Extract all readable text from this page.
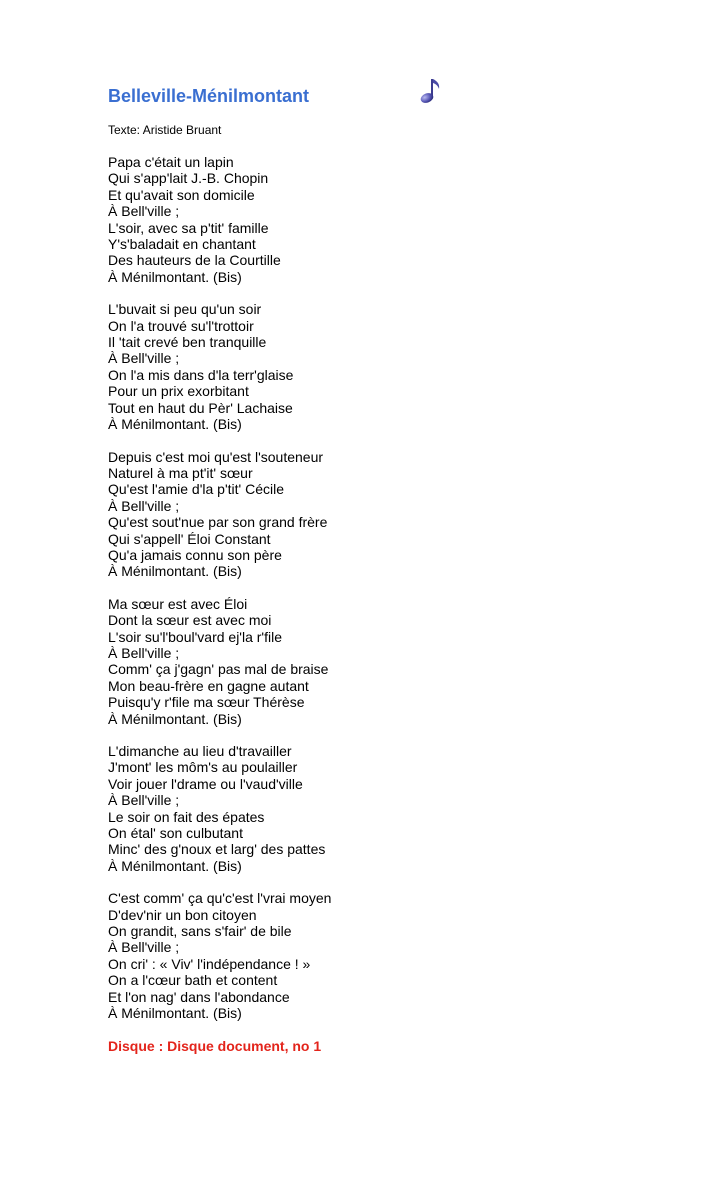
Belleville-Ménilmontant

Texte: Aristide Bruant

Papa c'était un lapin
Qui s'app'lait J.-B. Chopin
Et qu'avait son domicile
À Bell'ville ;
L'soir, avec sa p'tit' famille
Y's'baladait en chantant
Des hauteurs de la Courtille
À Ménilmontant. (Bis)
L'buvait si peu qu'un soir
On l'a trouvé su'l'trottoir
Il 'tait crevé ben tranquille
À Bell'ville ;
On l'a mis dans d'la terr'glaise
Pour un prix exorbitant
Tout en haut du Pèr' Lachaise
À Ménilmontant. (Bis)
Depuis c'est moi qu'est l'souteneur
Naturel à ma pt'it' sœur
Qu'est l'amie d'la p'tit' Cécile
À Bell'ville ;
Qu'est sout'nue par son grand frère
Qui s'appell' Éloi Constant
Qu'a jamais connu son père
À Ménilmontant. (Bis)
Ma sœur est avec Éloi
Dont la sœur est avec moi
L'soir su'l'boul'vard ej'la r'file
À Bell'ville ;
Comm' ça j'gagn' pas mal de braise
Mon beau-frère en gagne autant
Puisqu'y r'file ma sœur Thérèse
À Ménilmontant. (Bis)
L'dimanche au lieu d'travailler
J'mont' les môm's au poulailler
Voir jouer l'drame ou l'vaud'ville
À Bell'ville ;
Le soir on fait des épates
On étal' son culbutant
Minc' des g'noux et larg' des pattes
À Ménilmontant. (Bis)
C'est comm' ça qu'c'est l'vrai moyen
D'dev'nir un bon citoyen
On grandit, sans s'fair' de bile
À Bell'ville ;
On cri' : « Viv' l'indépendance ! »
On a l'cœur bath et content
Et l'on nag' dans l'abondance
À Ménilmontant. (Bis)
Disque : Disque document, no 1
